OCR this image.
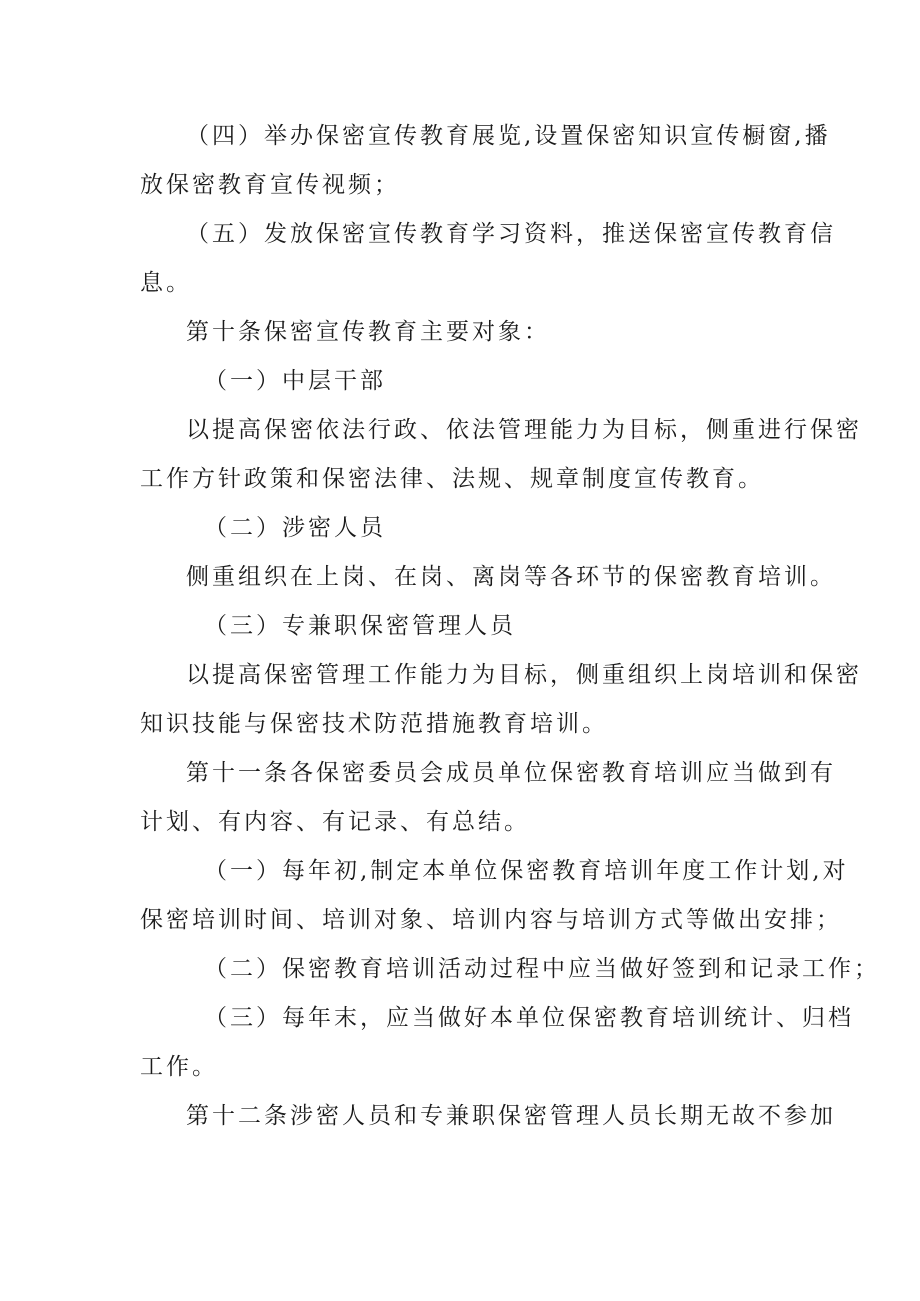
（四）举办保密宣传教育展览,设置保密知识宣传橱窗,播
放保密教育宣传视频；
（五）发放保密宣传教育学习资料，推送保密宣传教育信
息。
第十条保密宣传教育主要对象：
（一）中层干部
以提高保密依法行政、依法管理能力为目标，侧重进行保密
工作方针政策和保密法律、法规、规章制度宣传教育。
（二）涉密人员
侧重组织在上岗、在岗、离岗等各环节的保密教育培训。
（三）专兼职保密管理人员
以提高保密管理工作能力为目标，侧重组织上岗培训和保密
知识技能与保密技术防范措施教育培训。
第十一条各保密委员会成员单位保密教育培训应当做到有
计划、有内容、有记录、有总结。
（一）每年初,制定本单位保密教育培训年度工作计划,对
保密培训时间、培训对象、培训内容与培训方式等做出安排；
（二）保密教育培训活动过程中应当做好签到和记录工作；
（三）每年末，应当做好本单位保密教育培训统计、归档
工作。
第十二条涉密人员和专兼职保密管理人员长期无故不参加
